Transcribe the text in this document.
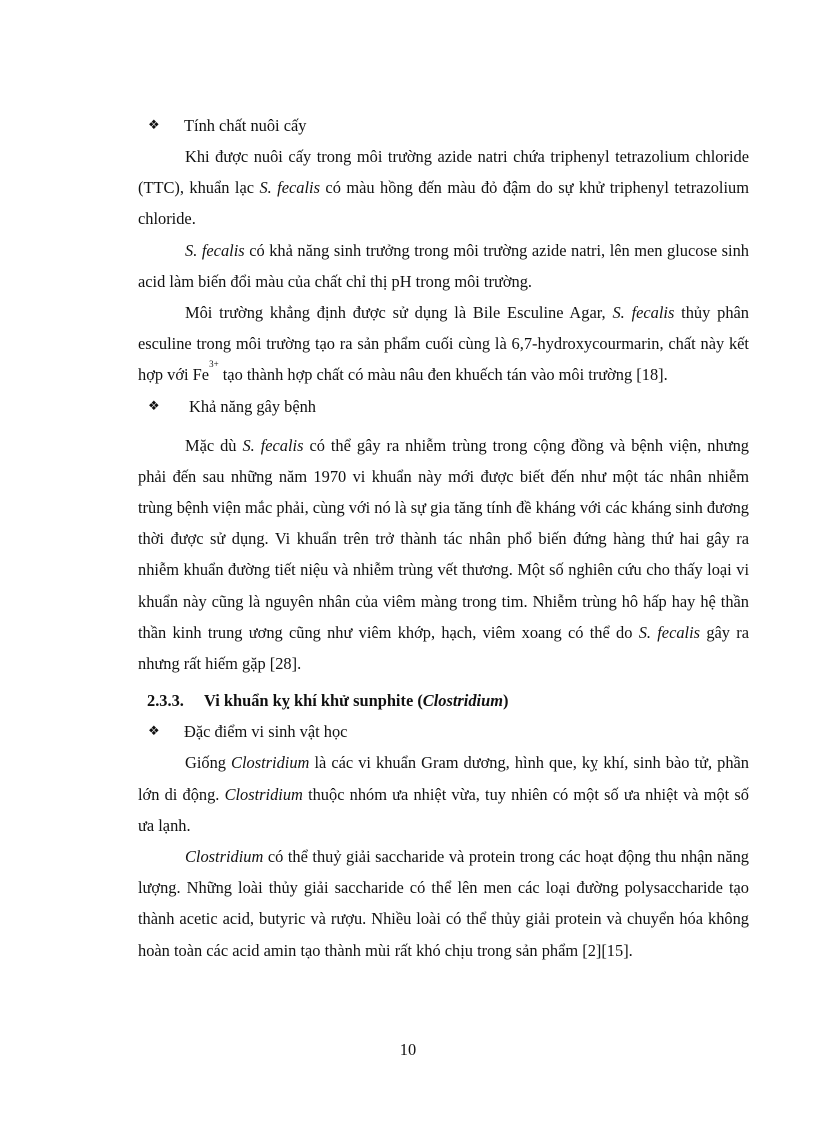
❖ Tính chất nuôi cấy

Khi được nuôi cấy trong môi trường azide natri chứa triphenyl tetrazolium chloride (TTC), khuẩn lạc S. fecalis có màu hồng đến màu đỏ đậm do sự khử triphenyl tetrazolium chloride.

S. fecalis có khả năng sinh trưởng trong môi trường azide natri, lên men glucose sinh acid làm biến đổi màu của chất chỉ thị pH trong môi trường.

Môi trường khẳng định được sử dụng là Bile Esculine Agar, S. fecalis thủy phân esculine trong môi trường tạo ra sản phẩm cuối cùng là 6,7-hydroxycourmarin, chất này kết hợp với $Fe^{3+}$ tạo thành hợp chất có màu nâu đen khuếch tán vào môi trường [18].

❖ Khả năng gây bệnh

Mặc dù S. fecalis có thể gây ra nhiễm trùng trong cộng đồng và bệnh viện, nhưng phải đến sau những năm 1970 vi khuẩn này mới được biết đến như một tác nhân nhiễm trùng bệnh viện mắc phải, cùng với nó là sự gia tăng tính đề kháng với các kháng sinh đương thời được sử dụng. Vi khuẩn trên trở thành tác nhân phổ biến đứng hàng thứ hai gây ra nhiễm khuẩn đường tiết niệu và nhiễm trùng vết thương. Một số nghiên cứu cho thấy loại vi khuẩn này cũng là nguyên nhân của viêm màng trong tim. Nhiễm trùng hô hấp hay hệ thần thần kinh trung ương cũng như viêm khớp, hạch, viêm xoang có thể do S. fecalis gây ra nhưng rất hiếm gặp [28].

2.3.3. Vi khuẩn kỵ khí khử sunphite (Clostridium)
❖ Đặc điểm vi sinh vật học

Giống Clostridium là các vi khuẩn Gram dương, hình que, kỵ khí, sinh bào tử, phần lớn di động. Clostridium thuộc nhóm ưa nhiệt vừa, tuy nhiên có một số ưa nhiệt và một số ưa lạnh.

Clostridium có thể thuỷ giải saccharide và protein trong các hoạt động thu nhận năng lượng. Những loài thủy giải saccharide có thể lên men các loại đường polysaccharide tạo thành acetic acid, butyric và rượu. Nhiều loài có thể thủy giải protein và chuyển hóa không hoàn toàn các acid amin tạo thành mùi rất khó chịu trong sản phẩm [2][15].

10
